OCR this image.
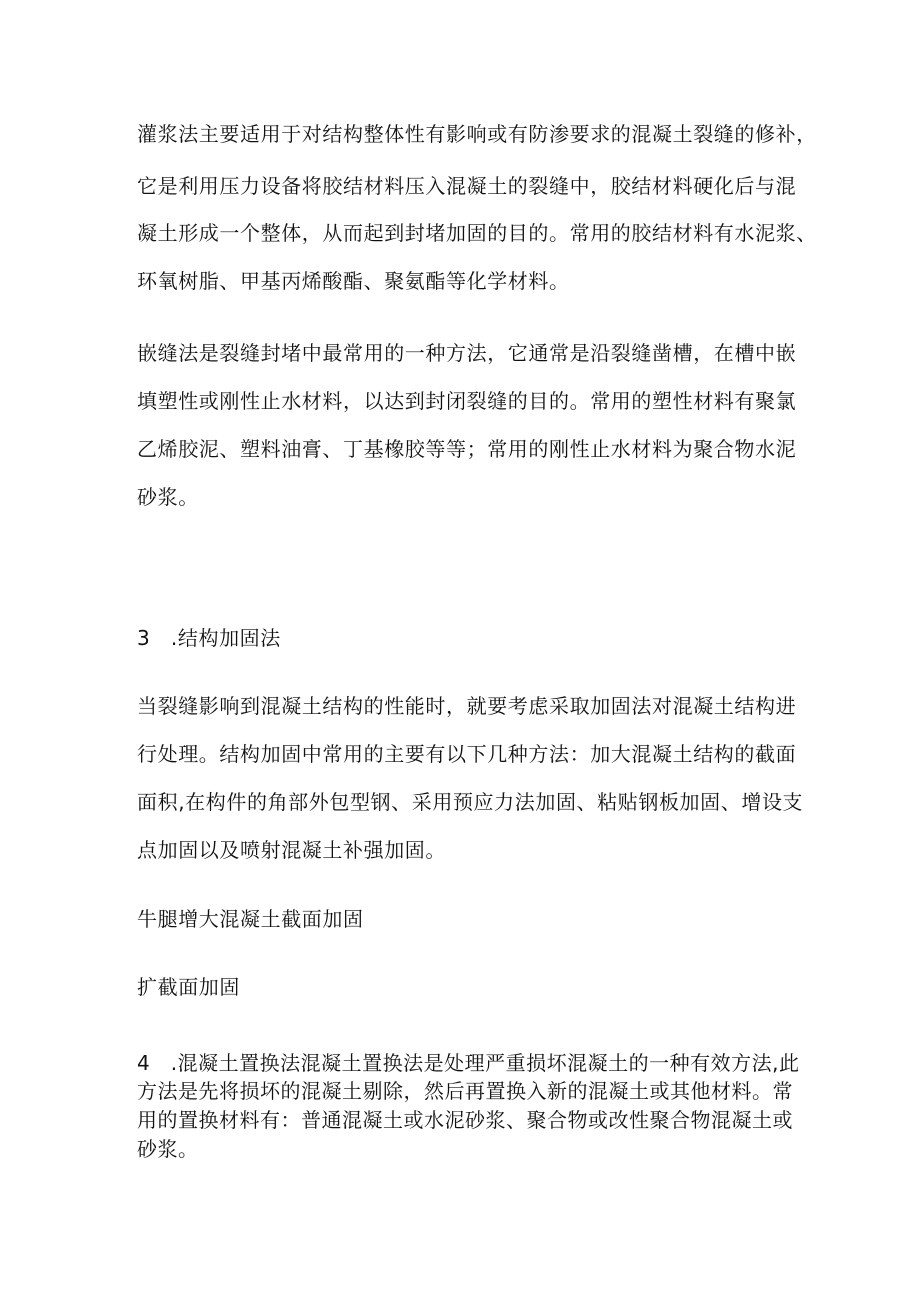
灌浆法主要适用于对结构整体性有影响或有防渗要求的混凝土裂缝的修补，
它是利用压力设备将胶结材料压入混凝土的裂缝中，胶结材料硬化后与混
凝土形成一个整体，从而起到封堵加固的目的。常用的胶结材料有水泥浆、
环氧树脂、甲基丙烯酸酯、聚氨酯等化学材料。
嵌缝法是裂缝封堵中最常用的一种方法，它通常是沿裂缝凿槽，在槽中嵌
填塑性或刚性止水材料，以达到封闭裂缝的目的。常用的塑性材料有聚氯
乙烯胶泥、塑料油膏、丁基橡胶等等；常用的刚性止水材料为聚合物水泥
砂浆。
3　.结构加固法
当裂缝影响到混凝土结构的性能时，就要考虑采取加固法对混凝土结构进
行处理。结构加固中常用的主要有以下几种方法：加大混凝土结构的截面
面积,在构件的角部外包型钢、采用预应力法加固、粘贴钢板加固、增设支
点加固以及喷射混凝土补强加固。
牛腿增大混凝土截面加固
扩截面加固
4　.混凝土置换法混凝土置换法是处理严重损坏混凝土的一种有效方法,此
方法是先将损坏的混凝土剔除，然后再置换入新的混凝土或其他材料。常
用的置换材料有：普通混凝土或水泥砂浆、聚合物或改性聚合物混凝土或
砂浆。
